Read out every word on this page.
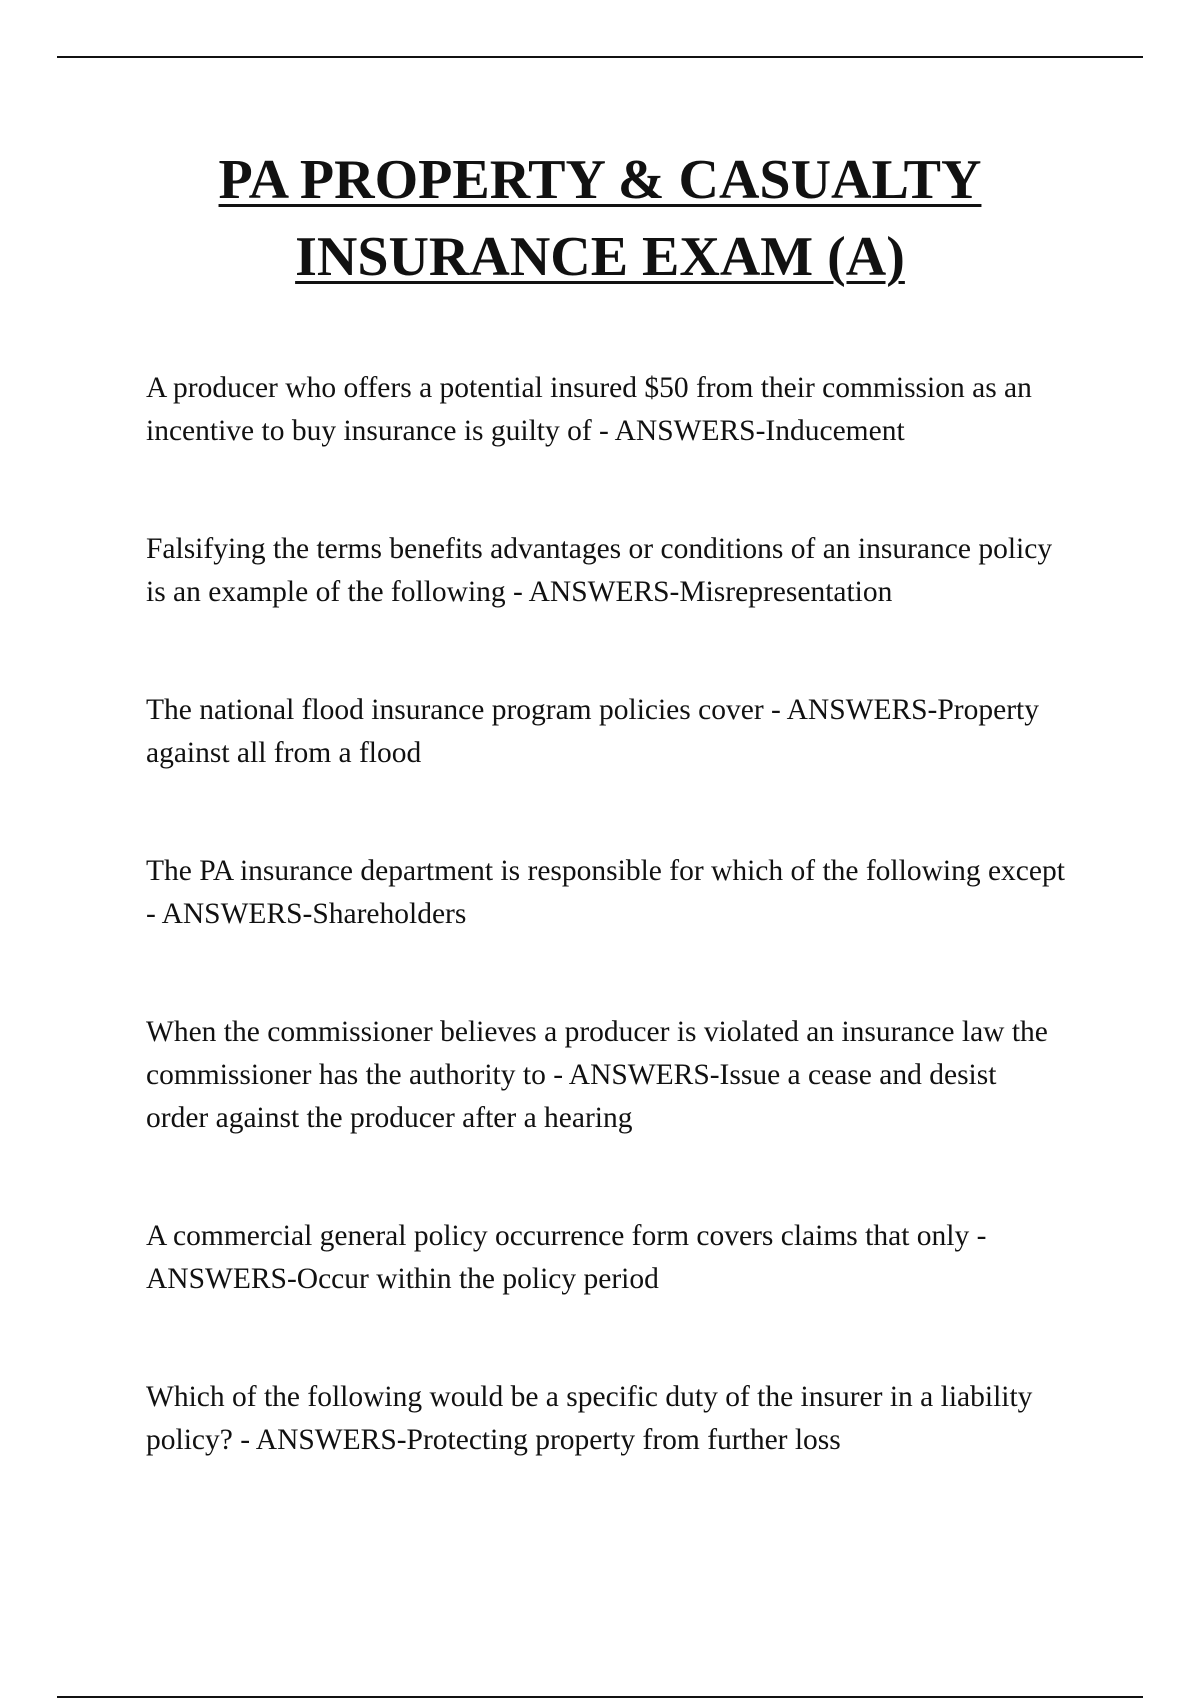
PA PROPERTY & CASUALTY
INSURANCE EXAM (A)
A producer who offers a potential insured $50 from their commission as an incentive to buy insurance is guilty of - ANSWERS-Inducement
Falsifying the terms benefits advantages or conditions of an insurance policy is an example of the following - ANSWERS-Misrepresentation
The national flood insurance program policies cover - ANSWERS-Property against all from a flood
The PA insurance department is responsible for which of the following except - ANSWERS-Shareholders
When the commissioner believes a producer is violated an insurance law the commissioner has the authority to - ANSWERS-Issue a cease and desist order against the producer after a hearing
A commercial general policy occurrence form covers claims that only - ANSWERS-Occur within the policy period
Which of the following would be a specific duty of the insurer in a liability policy? - ANSWERS-Protecting property from further loss
